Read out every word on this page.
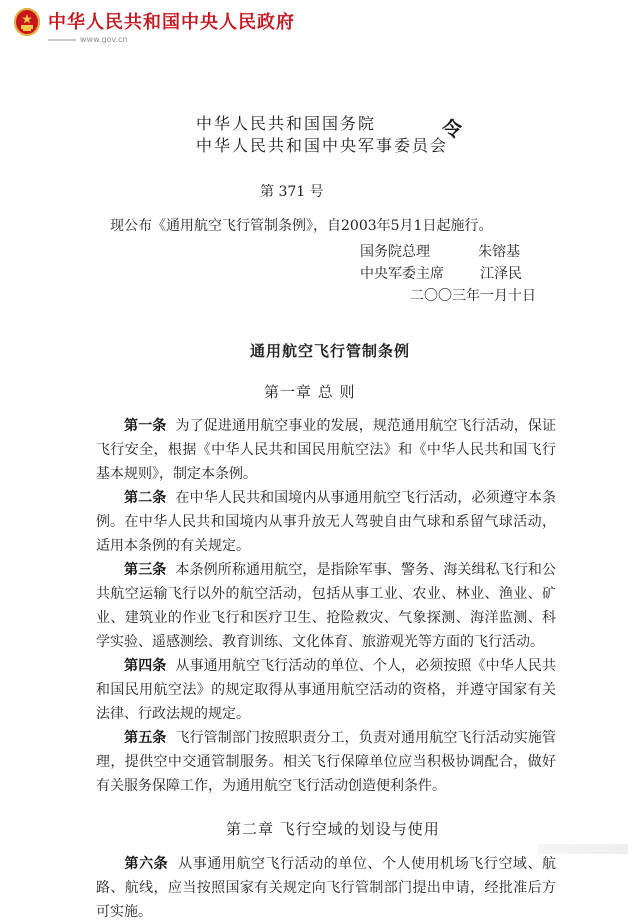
中华人民共和国中央人民政府
www.gov.cn
中华人民共和国国务院
中华人民共和国中央军事委员会
令
第 371 号
现公布《通用航空飞行管制条例》，自2003年5月1日起施行。
国务院总理	朱镕基
中央军委主席	江泽民
二〇〇三年一月十日
通用航空飞行管制条例
第一章 总 则
第一条 为了促进通用航空事业的发展，规范通用航空飞行活动，保证飞行安全，根据《中华人民共和国民用航空法》和《中华人民共和国飞行基本规则》，制定本条例。
第二条 在中华人民共和国境内从事通用航空飞行活动，必须遵守本条例。 在中华人民共和国境内从事升放无人驾驶自由气球和系留气球活动，适用本条例的有关规定。
第三条 本条例所称通用航空，是指除军事、警务、海关缉私飞行和公共航空运输飞行以外的航空活动，包括从事工业、农业、林业、渔业、矿业、建筑业的作业飞行和医疗卫生、抢险救灾、气象探测、海洋监测、科学实验、遥感测绘、教育训练、文化体育、旅游观光等方面的飞行活动。
第四条 从事通用航空飞行活动的单位、个人，必须按照《中华人民共和国民用航空法》的规定取得从事通用航空活动的资格，并遵守国家有关法律、行政法规的规定。
第五条 飞行管制部门按照职责分工，负责对通用航空飞行活动实施管理，提供空中交通管制服务。相关飞行保障单位应当积极协调配合，做好有关服务保障工作，为通用航空飞行活动创造便利条件。
第二章 飞行空域的划设与使用
第六条 从事通用航空飞行活动的单位、个人使用机场飞行空域、航路、航线，应当按照国家有关规定向飞行管制部门提出申请，经批准后方可实施。
